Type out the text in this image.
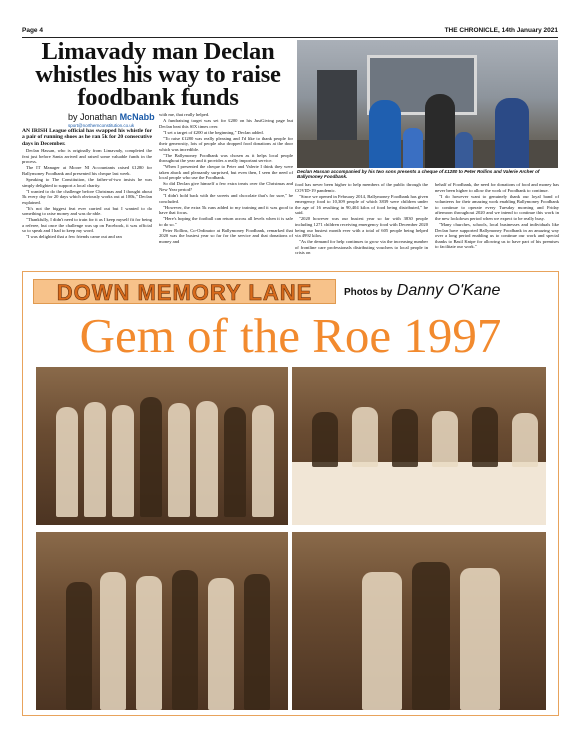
Page 4	THE CHRONICLE, 14th January 2021
Limavady man Declan whistles his way to raise foodbank funds
by Jonathan McNabb
sport@northernconstitution.co.uk

AN IRISH League official has swapped his whistle for a pair of running shoes as he ran 5k for 20 consecutive days in December.

Declan Hassan, who is originally from Limavady, completed the feat just before Santa arrived and raised some valuable funds in the process.

The IT Manager at Moore NI Accountants raised £1280 for Ballymoney Foodbank and presented his cheque last week.

Speaking to The Constitution, the father-of-two insists he was simply delighted to support a local charity.

"I wanted to do the challenge before Christmas and I thought about 5k every day for 20 days which obviously works out at 100k," Declan explained.

"It's not the biggest feat ever carried out but I wanted to do something to raise money and was do-able.

"Thankfully, I didn't need to train for it as I keep myself fit for being a referee, but once the challenge was up on Facebook, it was official so to speak and I had to keep my word.

"I was delighted that a few friends came out and ran

with me, that really helped.

A fundraising target was set for £200 on his JustGiving page but Declan beat this SIX times over.

"I set a target of £200 at the beginning," Declan added.

"To raise £1280 was really pleasing and I'd like to thank people for their generosity, lots of people also dropped food donations at the door which was incredible.

"The Ballymoney Foodbank was chosen as it helps local people throughout the year and it provides a really important service.

"When I presented the cheque to Peter and Valerie I think they were taken aback and pleasantly surprised, but even then, I seen the need of local people who use the Foodbank.

So did Declan give himself a few extra treats over the Christmas and New Year period?

"I didn't hold back with the sweets and chocolate that's for sure," he concluded.

"However, the extra 5k runs added to my training and it was good to have that focus.

"Here's hoping the football can return across all levels when it is safe to do so."

Peter Rollins, Co-Ordinator at Ballymoney Foodbank, remarked that 2020 was the busiest year so far for the service and that donations of money and

Declan Hassan accompanied by his two sons presents a cheque of £1280 to Peter Rollins and Valerie Archer of Ballymoney Foodbank.

food has never been higher to help members of the public through the COVID-19 pandemic.

"Since we opened in February 2014, Ballymoney Foodbank has given emergency food to 10,309 people of which 3839 were children under the age of 16 resulting in 90,404 kilos of food being distributed," he said.

"2020 however was our busiest year so far with 3830 people including 1271 children receiving emergency food with December 2020 being our busiest month ever with a total of 605 people being helped via 4992 kilos.

"As the demand for help continues to grow via the increasing number of frontline care professionals distributing vouchers to local people in crisis on

behalf of Foodbank, the need for donations of food and money has never been higher to allow the work of Foodbank to continue.

"I do however want to genuinely thank our loyal band of volunteers for their amazing work enabling Ballymoney Foodbank to continue to operate every Tuesday morning and Friday afternoon throughout 2020 and we intend to continue this work in the new lockdown period when we expect to be really busy.

"Many churches, schools, local businesses and individuals like Declan have supported Ballymoney Foodbank in an amazing way over a long period enabling us to continue our work and special thanks to Basil Knipe for allowing us to have part of his premises to facilitate our work."

DOWN MEMORY LANE	Photos by Danny O'Kane
Gem of the Roe 1997
